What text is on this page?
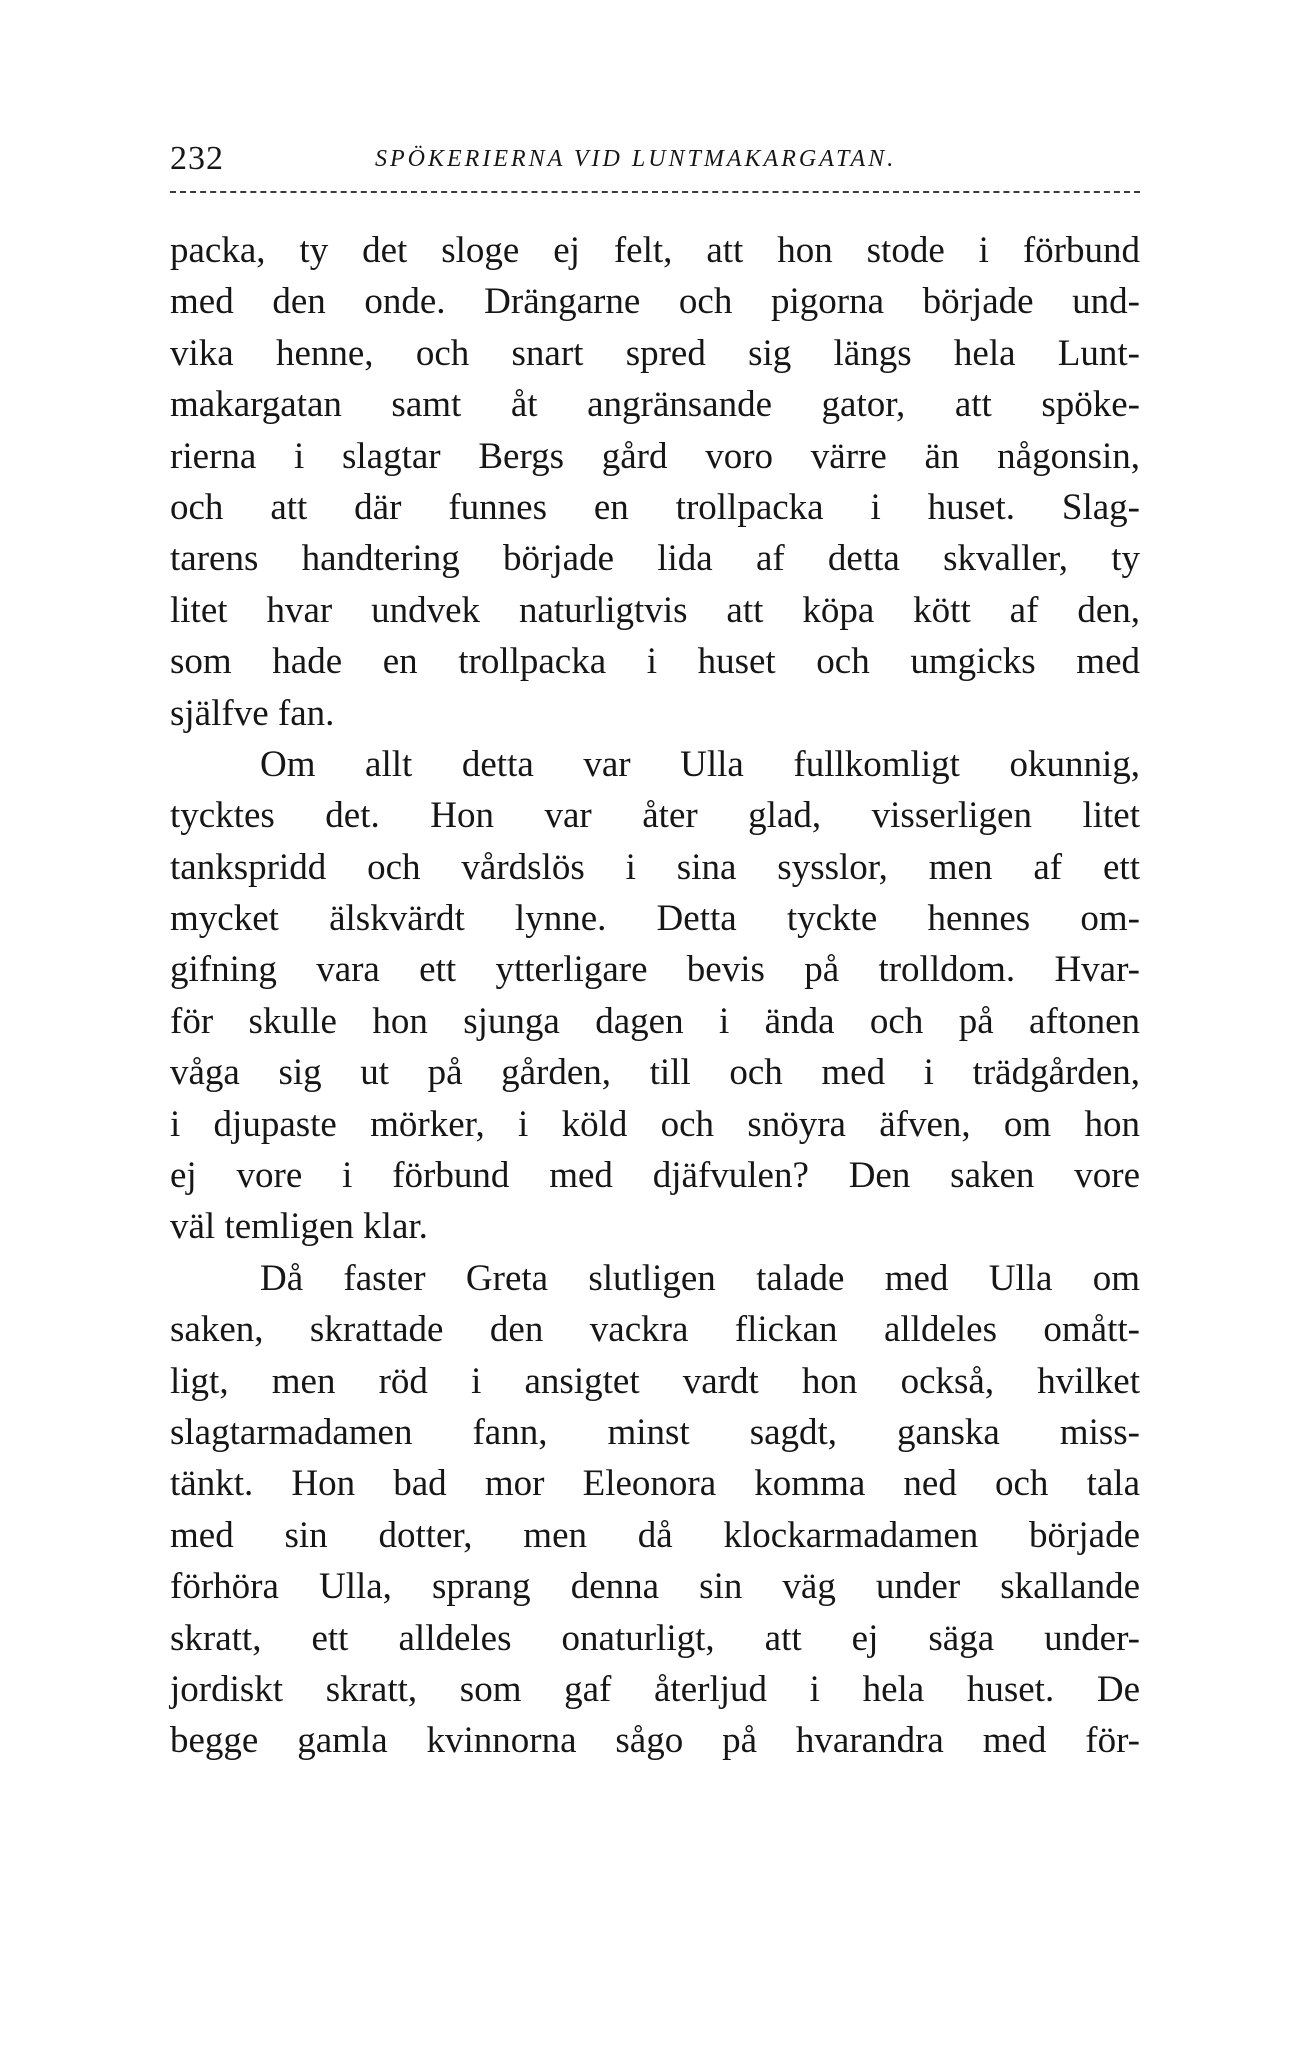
232	SPÖKERIERNA VID LUNTMAKARGATAN.
packa, ty det sloge ej felt, att hon stode i förbund
med den onde. Drängarne och pigorna började und-
vika henne, och snart spred sig längs hela Lunt-
makargatan samt åt angränsande gator, att spöke-
rierna i slagtar Bergs gård voro värre än någonsin,
och att där funnes en trollpacka i huset. Slag-
tarens handtering började lida af detta skvaller, ty
litet hvar undvek naturligtvis att köpa kött af den,
som hade en trollpacka i huset och umgicks med
själfve fan.
Om allt detta var Ulla fullkomligt okunnig,
tycktes det. Hon var åter glad, visserligen litet
tankspridd och vårdslös i sina sysslor, men af ett
mycket älskvärdt lynne. Detta tyckte hennes om-
gifning vara ett ytterligare bevis på trolldom. Hvar-
för skulle hon sjunga dagen i ända och på aftonen
våga sig ut på gården, till och med i trädgården,
i djupaste mörker, i köld och snöyra äfven, om hon
ej vore i förbund med djäfvulen? Den saken vore
väl temligen klar.
Då faster Greta slutligen talade med Ulla om
saken, skrattade den vackra flickan alldeles omått-
ligt, men röd i ansigtet vardt hon också, hvilket
slagtarmadamen fann, minst sagdt, ganska miss-
tänkt. Hon bad mor Eleonora komma ned och tala
med sin dotter, men då klockarmadamen började
förhöra Ulla, sprang denna sin väg under skallande
skratt, ett alldeles onaturligt, att ej säga under-
jordiskt skratt, som gaf återljud i hela huset. De
begge gamla kvinnorna sågo på hvarandra med för-
